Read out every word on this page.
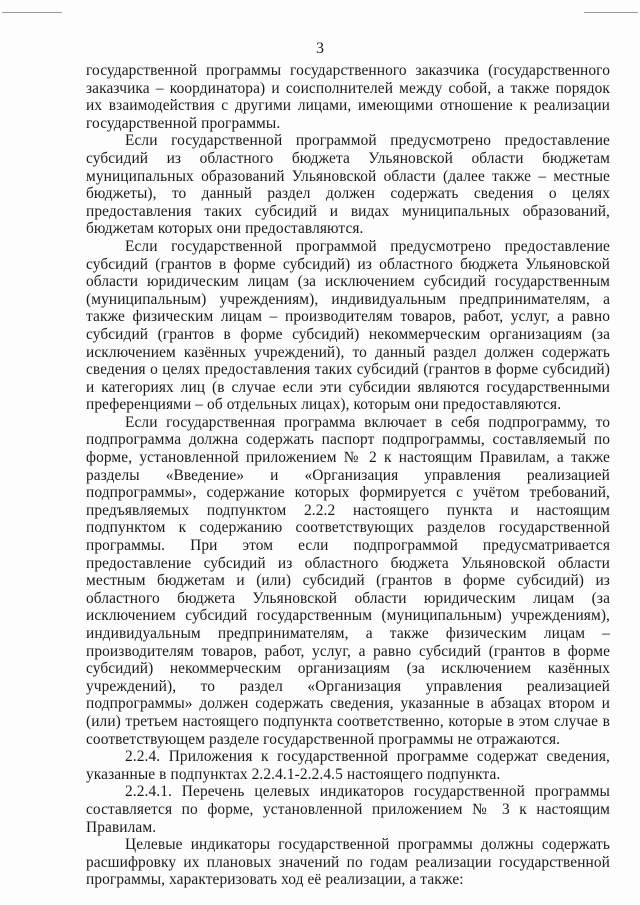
3

государственной программы государственного заказчика (государственного заказчика – координатора) и соисполнителей между собой, а также порядок их взаимодействия с другими лицами, имеющими отношение к реализации государственной программы.

Если государственной программой предусмотрено предоставление субсидий из областного бюджета Ульяновской области бюджетам муниципальных образований Ульяновской области (далее также – местные бюджеты), то данный раздел должен содержать сведения о целях предоставления таких субсидий и видах муниципальных образований, бюджетам которых они предоставляются.

Если государственной программой предусмотрено предоставление субсидий (грантов в форме субсидий) из областного бюджета Ульяновской области юридическим лицам (за исключением субсидий государственным (муниципальным) учреждениям), индивидуальным предпринимателям, а также физическим лицам – производителям товаров, работ, услуг, а равно субсидий (грантов в форме субсидий) некоммерческим организациям (за исключением казённых учреждений), то данный раздел должен содержать сведения о целях предоставления таких субсидий (грантов в форме субсидий) и категориях лиц (в случае если эти субсидии являются государственными преференциями – об отдельных лицах), которым они предоставляются.

Если государственная программа включает в себя подпрограмму, то подпрограмма должна содержать паспорт подпрограммы, составляемый по форме, установленной приложением № 2 к настоящим Правилам, а также разделы «Введение» и «Организация управления реализацией подпрограммы», содержание которых формируется с учётом требований, предъявляемых подпунктом 2.2.2 настоящего пункта и настоящим подпунктом к содержанию соответствующих разделов государственной программы. При этом если подпрограммой предусматривается предоставление субсидий из областного бюджета Ульяновской области местным бюджетам и (или) субсидий (грантов в форме субсидий) из областного бюджета Ульяновской области юридическим лицам (за исключением субсидий государственным (муниципальным) учреждениям), индивидуальным предпринимателям, а также физическим лицам – производителям товаров, работ, услуг, а равно субсидий (грантов в форме субсидий) некоммерческим организациям (за исключением казённых учреждений), то раздел «Организация управления реализацией подпрограммы» должен содержать сведения, указанные в абзацах втором и (или) третьем настоящего подпункта соответственно, которые в этом случае в соответствующем разделе государственной программы не отражаются.

2.2.4. Приложения к государственной программе содержат сведения, указанные в подпунктах 2.2.4.1-2.2.4.5 настоящего подпункта.

2.2.4.1. Перечень целевых индикаторов государственной программы составляется по форме, установленной приложением № 3 к настоящим Правилам.

Целевые индикаторы государственной программы должны содержать расшифровку их плановых значений по годам реализации государственной программы, характеризовать ход её реализации, а также:
